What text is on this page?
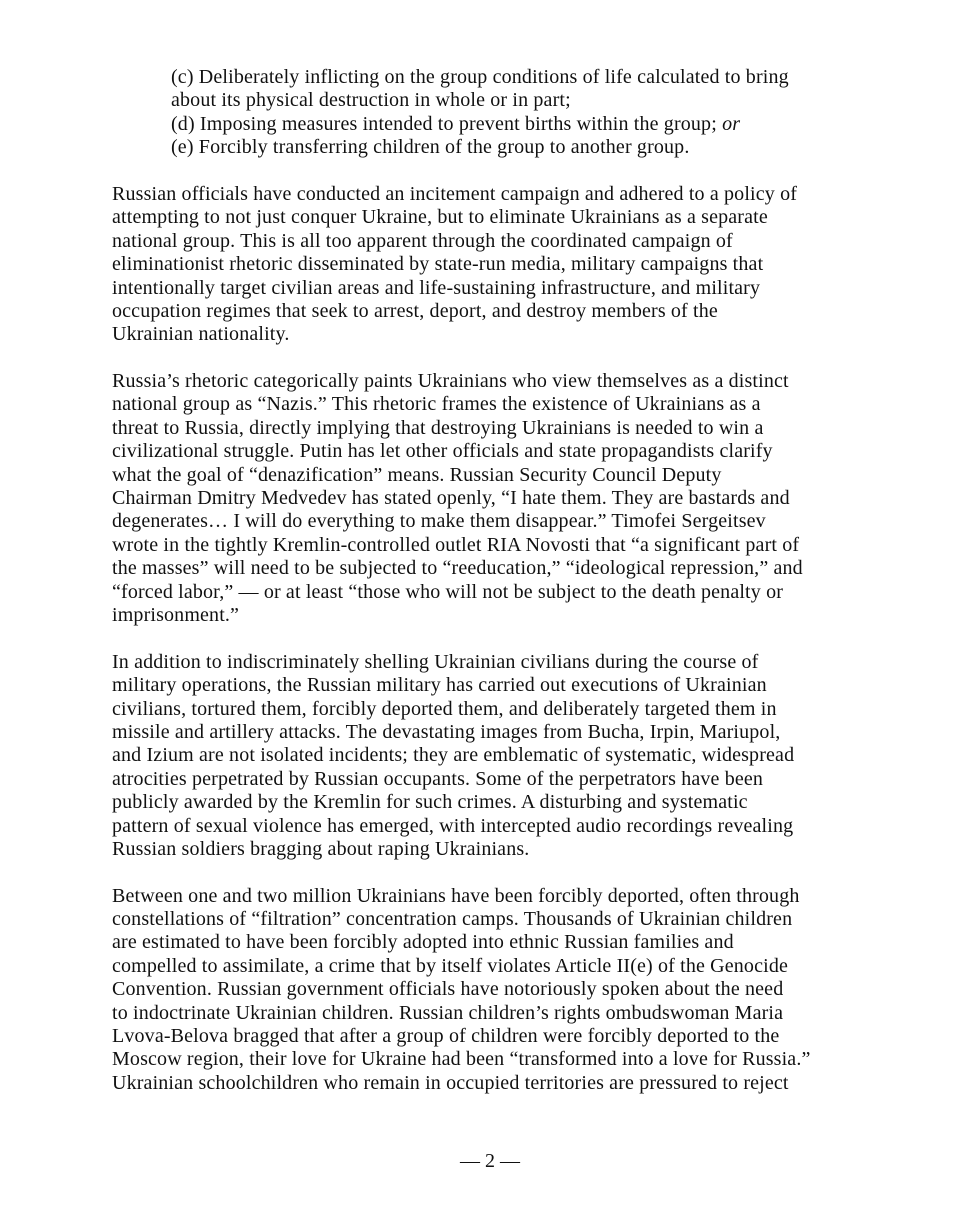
(c) Deliberately inflicting on the group conditions of life calculated to bring
about its physical destruction in whole or in part;
(d) Imposing measures intended to prevent births within the group; or
(e) Forcibly transferring children of the group to another group.
Russian officials have conducted an incitement campaign and adhered to a policy of
attempting to not just conquer Ukraine, but to eliminate Ukrainians as a separate
national group. This is all too apparent through the coordinated campaign of
eliminationist rhetoric disseminated by state-run media, military campaigns that
intentionally target civilian areas and life-sustaining infrastructure, and military
occupation regimes that seek to arrest, deport, and destroy members of the
Ukrainian nationality.
Russia’s rhetoric categorically paints Ukrainians who view themselves as a distinct
national group as “Nazis.” This rhetoric frames the existence of Ukrainians as a
threat to Russia, directly implying that destroying Ukrainians is needed to win a
civilizational struggle. Putin has let other officials and state propagandists clarify
what the goal of “denazification” means. Russian Security Council Deputy
Chairman Dmitry Medvedev has stated openly, “I hate them. They are bastards and
degenerates… I will do everything to make them disappear.” Timofei Sergeitsev
wrote in the tightly Kremlin-controlled outlet RIA Novosti that “a significant part of
the masses” will need to be subjected to “reeducation,” “ideological repression,” and
“forced labor,” — or at least “those who will not be subject to the death penalty or
imprisonment.”
In addition to indiscriminately shelling Ukrainian civilians during the course of
military operations, the Russian military has carried out executions of Ukrainian
civilians, tortured them, forcibly deported them, and deliberately targeted them in
missile and artillery attacks. The devastating images from Bucha, Irpin, Mariupol,
and Izium are not isolated incidents; they are emblematic of systematic, widespread
atrocities perpetrated by Russian occupants. Some of the perpetrators have been
publicly awarded by the Kremlin for such crimes. A disturbing and systematic
pattern of sexual violence has emerged, with intercepted audio recordings revealing
Russian soldiers bragging about raping Ukrainians.
Between one and two million Ukrainians have been forcibly deported, often through
constellations of “filtration” concentration camps. Thousands of Ukrainian children
are estimated to have been forcibly adopted into ethnic Russian families and
compelled to assimilate, a crime that by itself violates Article II(e) of the Genocide
Convention. Russian government officials have notoriously spoken about the need
to indoctrinate Ukrainian children. Russian children’s rights ombudswoman Maria
Lvova-Belova bragged that after a group of children were forcibly deported to the
Moscow region, their love for Ukraine had been “transformed into a love for Russia.”
Ukrainian schoolchildren who remain in occupied territories are pressured to reject
— 2 —
